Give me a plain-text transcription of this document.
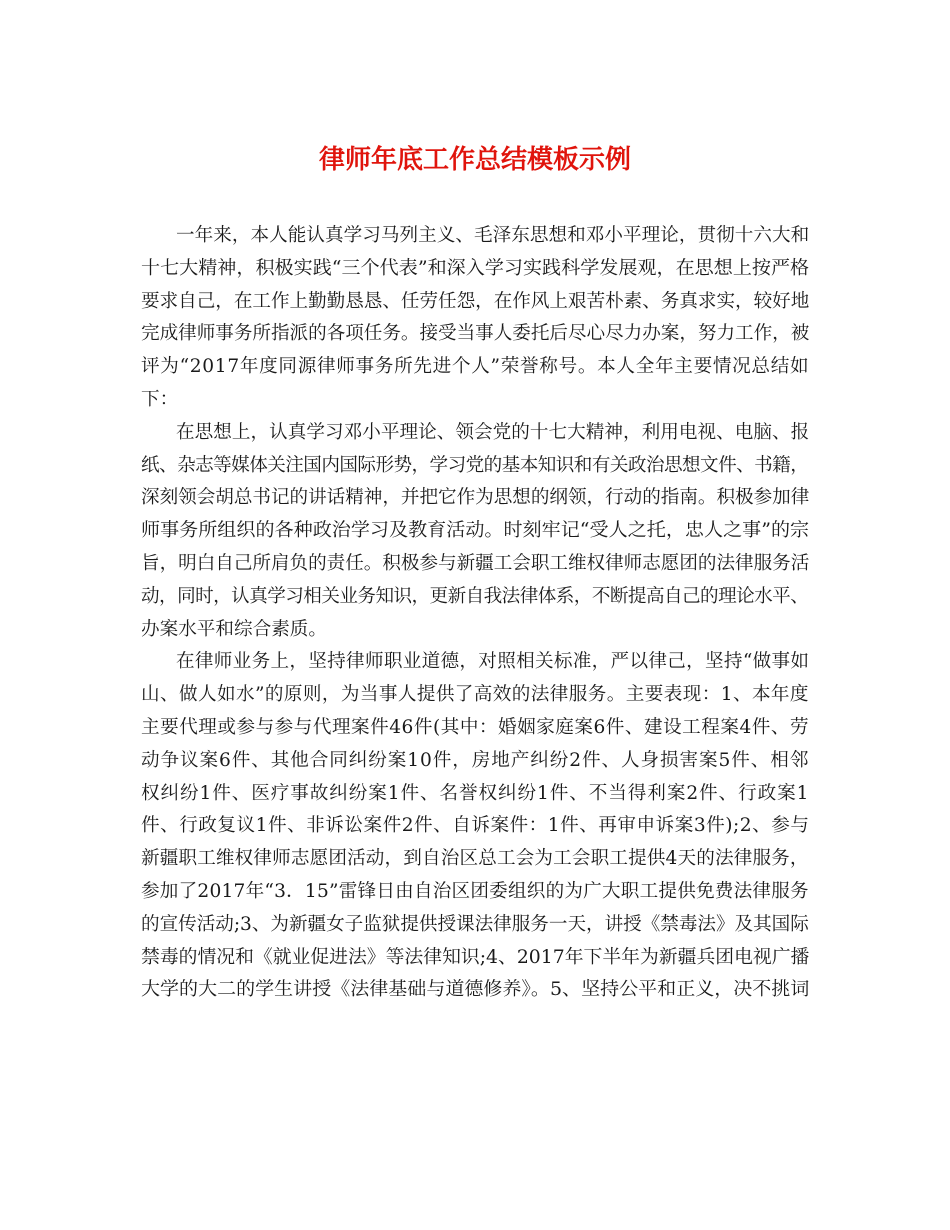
律师年底工作总结模板示例
一年来，本人能认真学习马列主义、毛泽东思想和邓小平理论，贯彻十六大和
十七大精神，积极实践“三个代表”和深入学习实践科学发展观，在思想上按严格
要求自己，在工作上勤勤恳恳、任劳任怨，在作风上艰苦朴素、务真求实，较好地
完成律师事务所指派的各项任务。接受当事人委托后尽心尽力办案，努力工作，被
评为“2017年度同源律师事务所先进个人”荣誉称号。本人全年主要情况总结如
下：
在思想上，认真学习邓小平理论、领会党的十七大精神，利用电视、电脑、报
纸、杂志等媒体关注国内国际形势，学习党的基本知识和有关政治思想文件、书籍，
深刻领会胡总书记的讲话精神，并把它作为思想的纲领，行动的指南。积极参加律
师事务所组织的各种政治学习及教育活动。时刻牢记“受人之托，忠人之事”的宗
旨，明白自己所肩负的责任。积极参与新疆工会职工维权律师志愿团的法律服务活
动，同时，认真学习相关业务知识，更新自我法律体系，不断提高自己的理论水平、
办案水平和综合素质。
在律师业务上，坚持律师职业道德，对照相关标准，严以律己，坚持“做事如
山、做人如水”的原则，为当事人提供了高效的法律服务。主要表现：1、本年度
主要代理或参与参与代理案件46件(其中：婚姻家庭案6件、建设工程案4件、劳
动争议案6件、其他合同纠纷案10件，房地产纠纷2件、人身损害案5件、相邻
权纠纷1件、医疗事故纠纷案1件、名誉权纠纷1件、不当得利案2件、行政案1
件、行政复议1件、非诉讼案件2件、自诉案件：1件、再审申诉案3件);2、参与
新疆职工维权律师志愿团活动，到自治区总工会为工会职工提供4天的法律服务，
参加了2017年“3．15”雷锋日由自治区团委组织的为广大职工提供免费法律服务
的宣传活动;3、为新疆女子监狱提供授课法律服务一天，讲授《禁毒法》及其国际
禁毒的情况和《就业促进法》等法律知识;4、2017年下半年为新疆兵团电视广播
大学的大二的学生讲授《法律基础与道德修养》。5、坚持公平和正义，决不挑词
